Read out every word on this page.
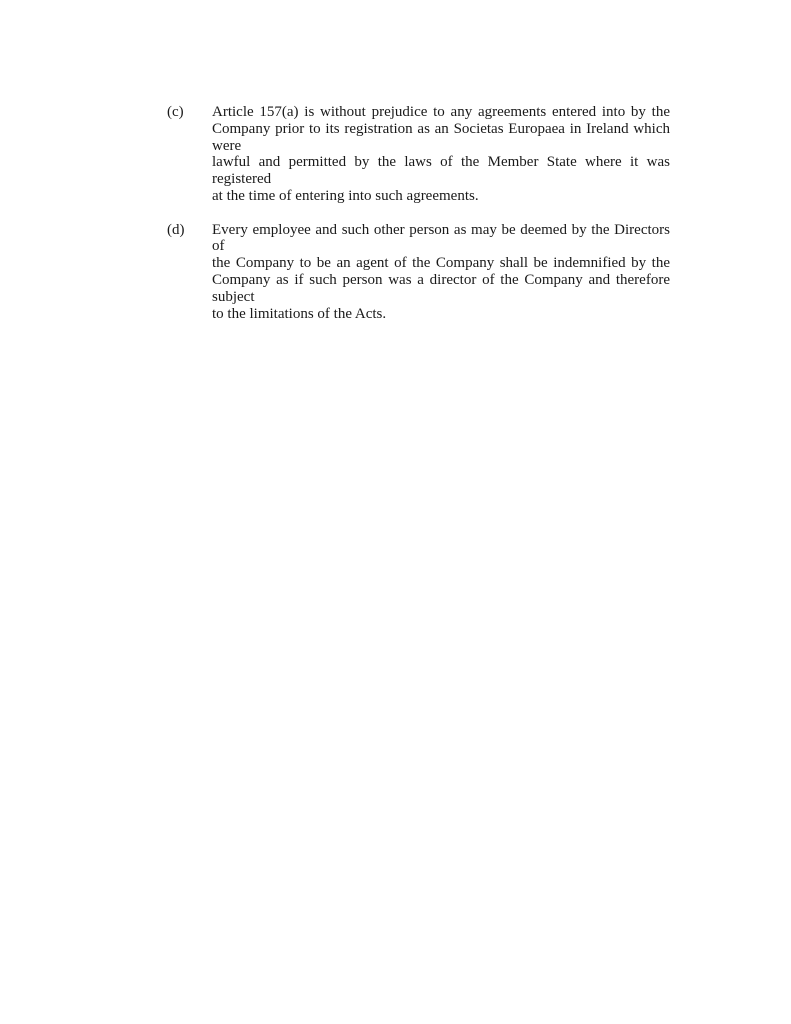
(c)	Article 157(a) is without prejudice to any agreements entered into by the
Company prior to its registration as an Societas Europaea in Ireland which were
lawful and permitted by the laws of the Member State where it was registered
at the time of entering into such agreements.
(d)	Every employee and such other person as may be deemed by the Directors of
the Company to be an agent of the Company shall be indemnified by the
Company as if such person was a director of the Company and therefore subject
to the limitations of the Acts.
